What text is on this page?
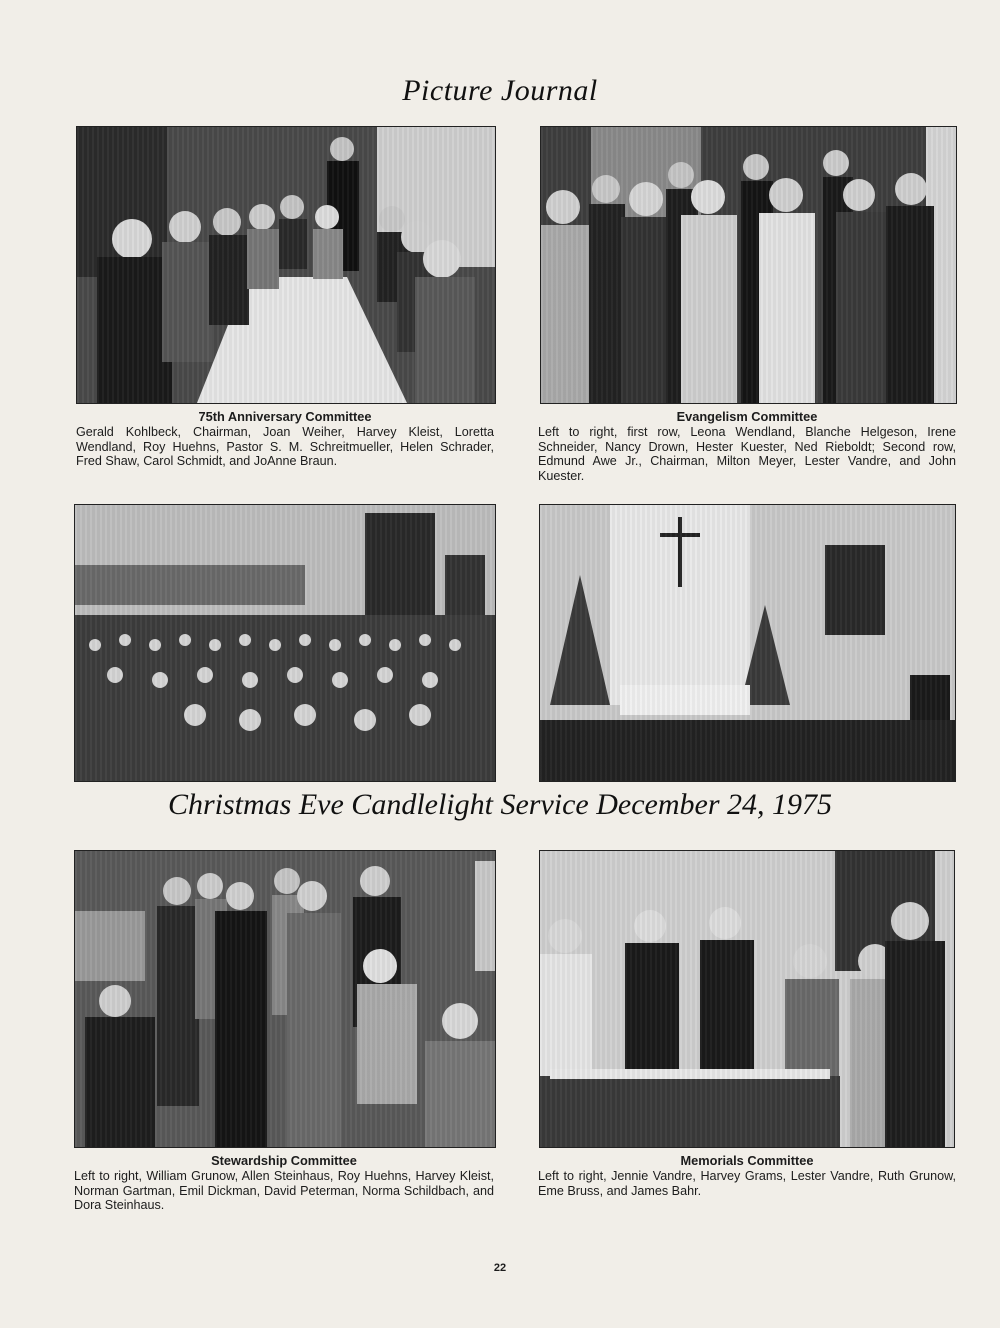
Picture Journal
75th Anniversary Committee
Gerald Kohlbeck, Chairman, Joan Weiher, Harvey Kleist, Loretta Wendland, Roy Huehns, Pastor S. M. Schreitmueller, Helen Schrader, Fred Shaw, Carol Schmidt, and JoAnne Braun.
Evangelism Committee
Left to right, first row, Leona Wendland, Blanche Helgeson, Irene Schneider, Nancy Drown, Hester Kuester, Ned Rieboldt; Second row, Edmund Awe Jr., Chairman, Milton Meyer, Lester Vandre, and John Kuester.
Christmas Eve Candlelight Service December 24, 1975
Stewardship Committee
Left to right, William Grunow, Allen Steinhaus, Roy Huehns, Harvey Kleist, Norman Gartman, Emil Dickman, David Peterman, Norma Schildbach, and Dora Steinhaus.
Memorials Committee
Left to right, Jennie Vandre, Harvey Grams, Lester Vandre, Ruth Grunow, Eme Bruss, and James Bahr.
22
